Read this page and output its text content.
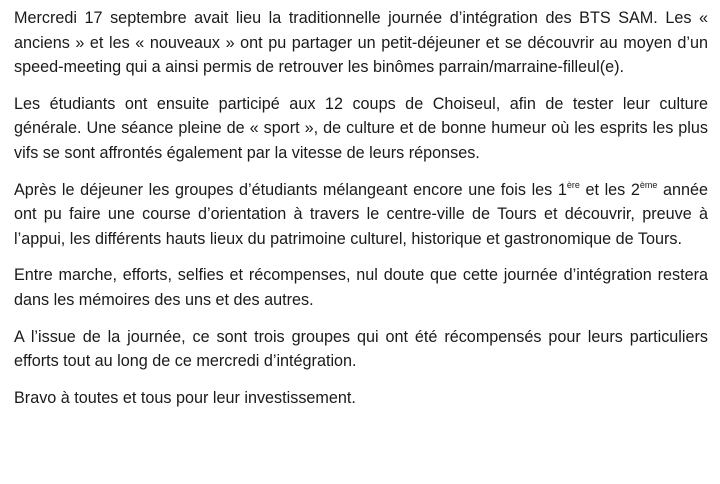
Mercredi 17 septembre avait lieu la traditionnelle journée d’intégration des BTS SAM. Les « anciens » et les « nouveaux » ont pu partager un petit-déjeuner et se découvrir au moyen d’un speed-meeting qui a ainsi permis de retrouver les binômes parrain/marraine-filleul(e).

Les étudiants ont ensuite participé aux 12 coups de Choiseul, afin de tester leur culture générale. Une séance pleine de « sport », de culture et de bonne humeur où les esprits les plus vifs se sont affrontés également par la vitesse de leurs réponses.

Après le déjeuner les groupes d’étudiants mélangeant encore une fois les 1ère et les 2ème année ont pu faire une course d’orientation à travers le centre-ville de Tours et découvrir, preuve à l’appui, les différents hauts lieux du patrimoine culturel, historique et gastronomique de Tours.

Entre marche, efforts, selfies et récompenses, nul doute que cette journée d’intégration restera dans les mémoires des uns et des autres.

A l’issue de la journée, ce sont trois groupes qui ont été récompensés pour leurs particuliers efforts tout au long de ce mercredi d’intégration.

Bravo à toutes et tous pour leur investissement.
